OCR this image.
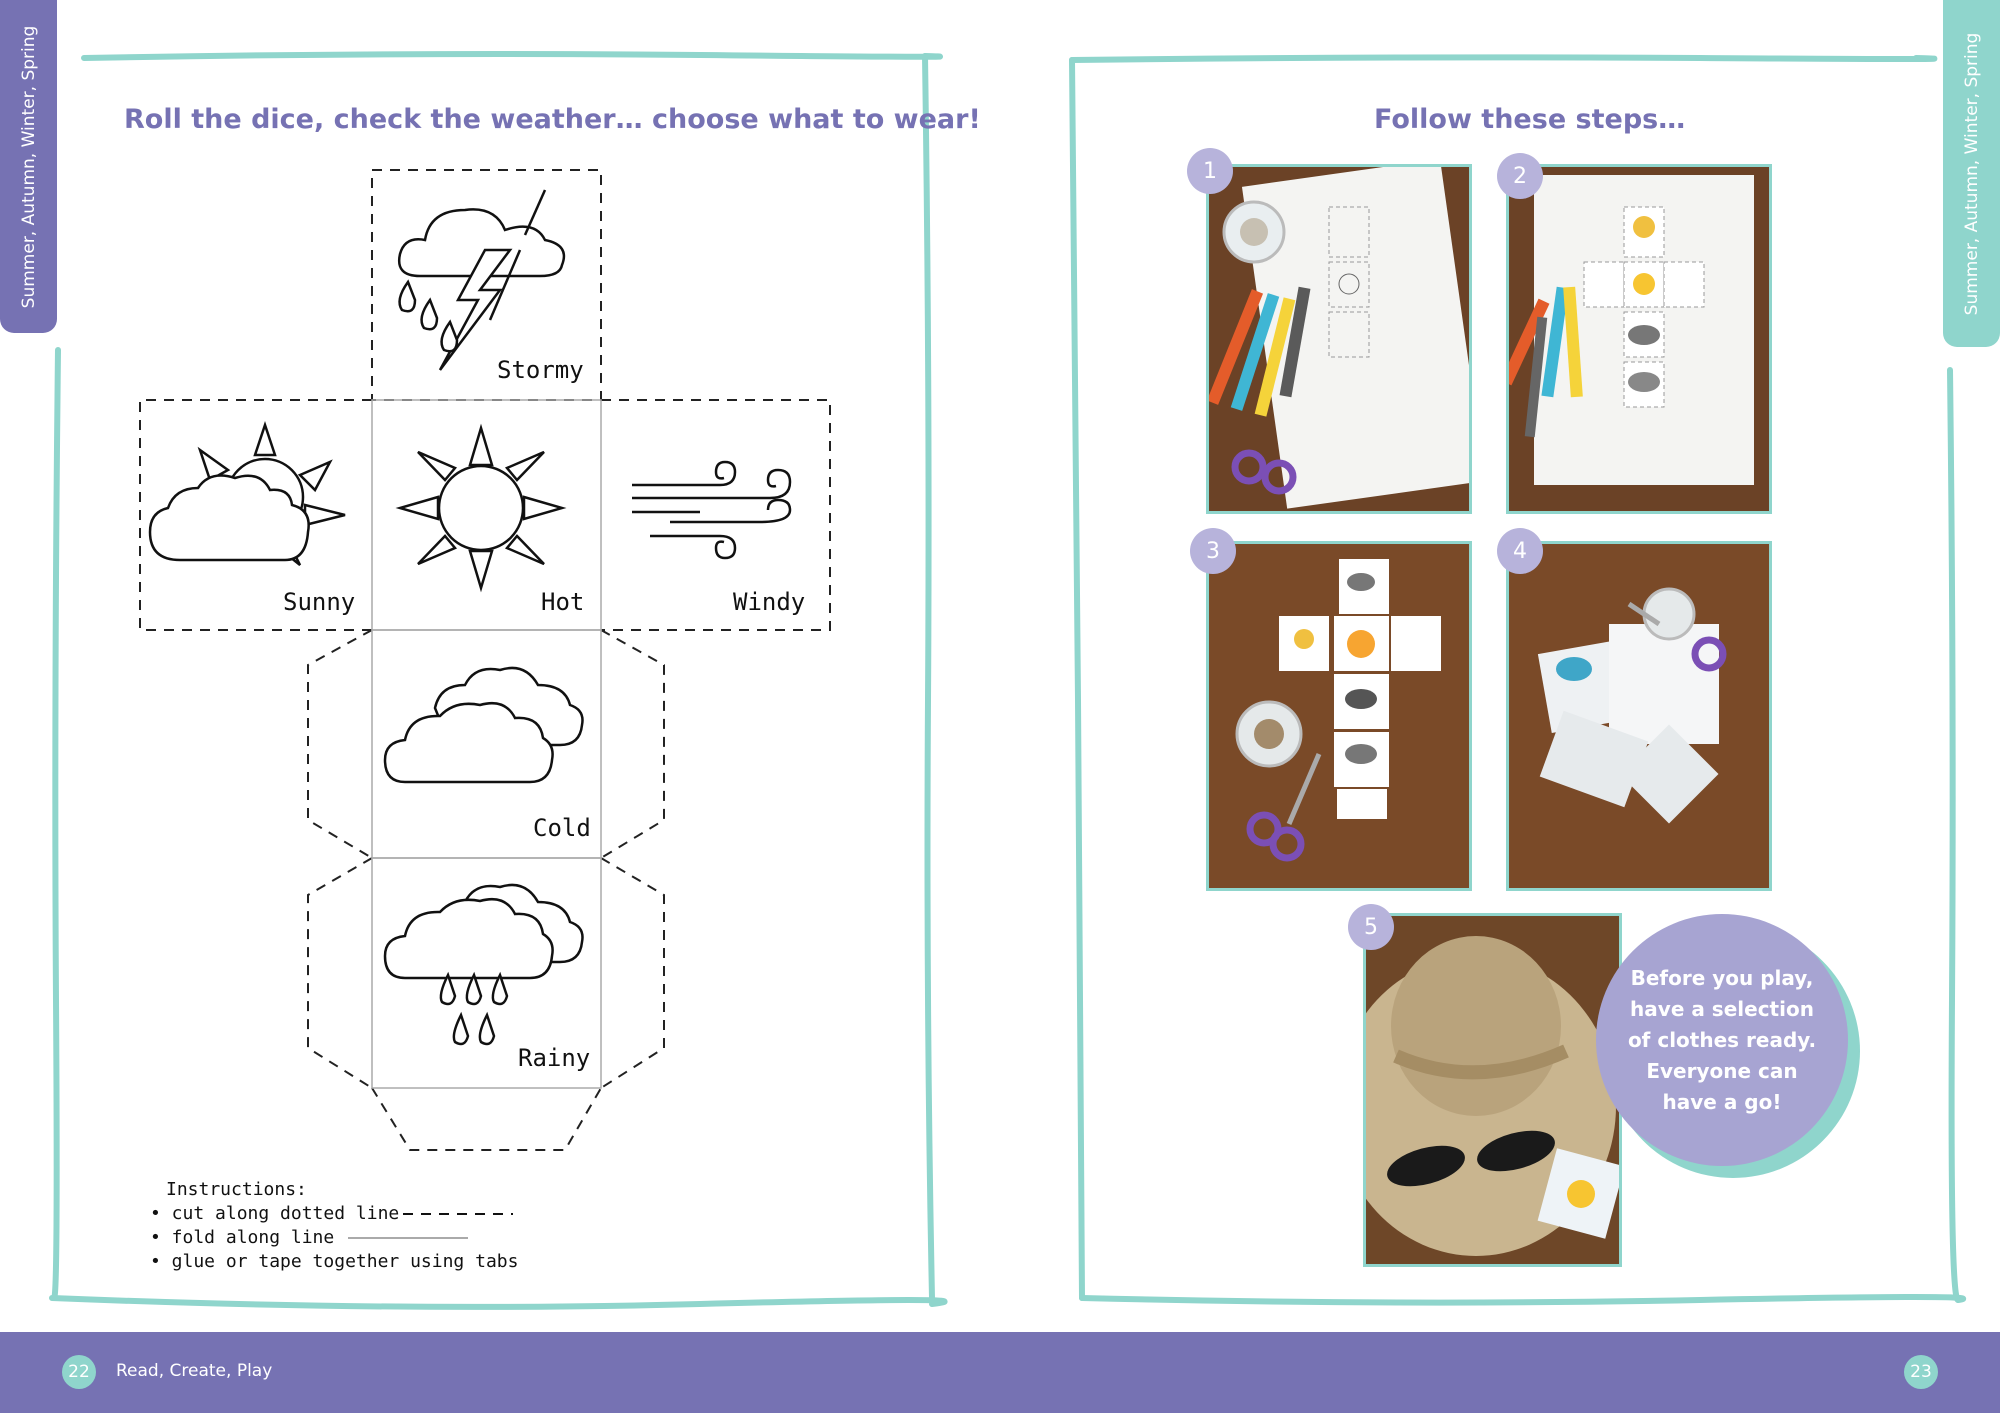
Summer, Autumn, Winter, Spring	Summer, Autumn, Winter, Spring
Roll the dice, check the weather… choose what to wear!	Follow these steps…
Stormy
Sunny	Hot	Windy
Cold
Rainy
Instructions:
• cut along dotted line
• fold along line
• glue or tape together using tabs
1	2
3	4
5
Before you play, have a selection of clothes ready. Everyone can have a go!
22	Read, Create, Play	23
